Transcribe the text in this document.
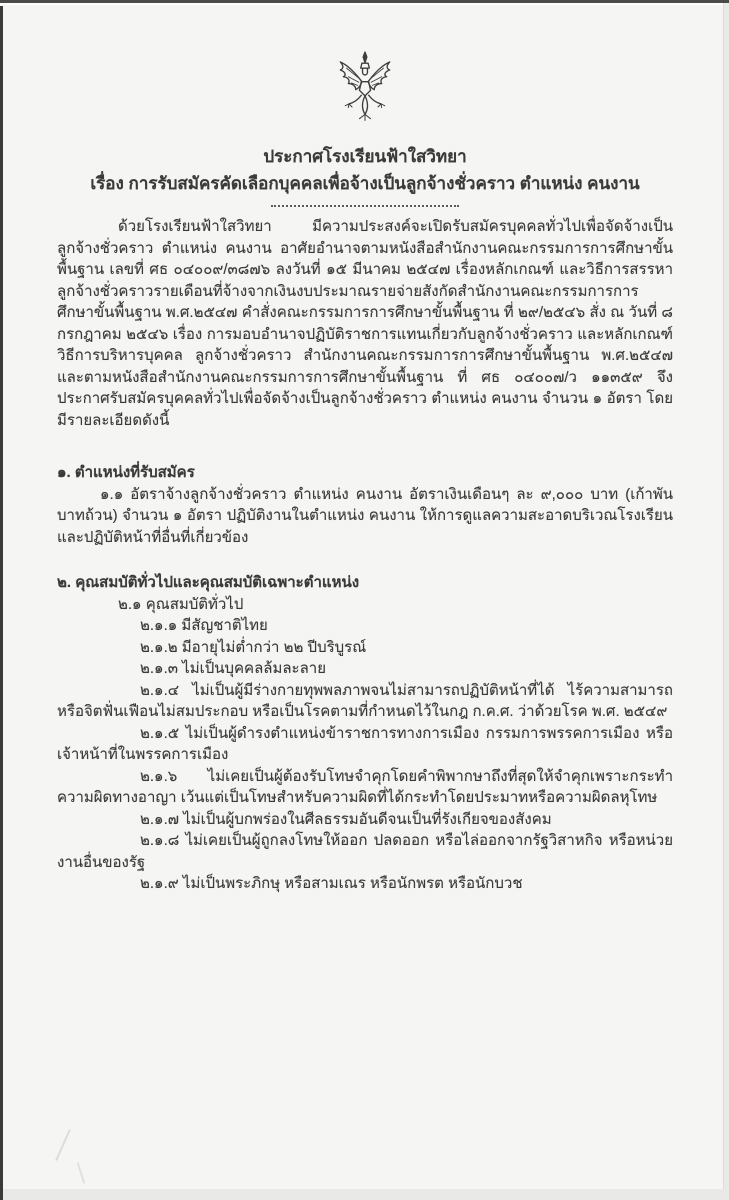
ประกาศโรงเรียนฟ้าใสวิทยา
เรื่อง การรับสมัครคัดเลือกบุคคลเพื่อจ้างเป็นลูกจ้างชั่วคราว ตำแหน่ง คนงาน

ด้วยโรงเรียนฟ้าใสวิทยา มีความประสงค์จะเปิดรับสมัครบุคคลทั่วไปเพื่อจัดจ้างเป็นลูกจ้างชั่วคราว ตำแหน่ง คนงาน อาศัยอำนาจตามหนังสือสำนักงานคณะกรรมการการศึกษาขั้นพื้นฐาน เลขที่ ศธ ๐๔๐๐๙/๓๘๗๖ ลงวันที่ ๑๕ มีนาคม ๒๕๔๗ เรื่องหลักเกณฑ์ และวิธีการสรรหาลูกจ้างชั่วคราวรายเดือนที่จ้างจากเงินงบประมาณรายจ่ายสังกัดสำนักงานคณะกรรมการการศึกษาขั้นพื้นฐาน พ.ศ.๒๕๔๗ คำสั่งคณะกรรมการการศึกษาขั้นพื้นฐาน ที่ ๒๙/๒๕๔๖ สั่ง ณ วันที่ ๘ กรกฎาคม ๒๕๔๖ เรื่อง การมอบอำนาจปฏิบัติราชการแทนเกี่ยวกับลูกจ้างชั่วคราว และหลักเกณฑ์วิธีการบริหารบุคคล ลูกจ้างชั่วคราว สำนักงานคณะกรรมการการศึกษาขั้นพื้นฐาน พ.ศ.๒๕๔๗ และตามหนังสือสำนักงานคณะกรรมการการศึกษาขั้นพื้นฐาน ที่ ศธ ๐๔๐๐๗/ว ๑๑๓๕๙ จึงประกาศรับสมัครบุคคลทั่วไปเพื่อจัดจ้างเป็นลูกจ้างชั่วคราว ตำแหน่ง คนงาน จำนวน ๑ อัตรา โดยมีรายละเอียดดังนี้

๑. ตำแหน่งที่รับสมัคร

๑.๑ อัตราจ้างลูกจ้างชั่วคราว ตำแหน่ง คนงาน อัตราเงินเดือนๆ ละ ๙,๐๐๐ บาท (เก้าพันบาทถ้วน) จำนวน ๑ อัตรา ปฏิบัติงานในตำแหน่ง คนงาน ให้การดูแลความสะอาดบริเวณโรงเรียนและปฏิบัติหน้าที่อื่นที่เกี่ยวข้อง

๒. คุณสมบัติทั่วไปและคุณสมบัติเฉพาะตำแหน่ง

๒.๑ คุณสมบัติทั่วไป

๒.๑.๑ มีสัญชาติไทย

๒.๑.๒ มีอายุไม่ต่ำกว่า ๒๒ ปีบริบูรณ์

๒.๑.๓ ไม่เป็นบุคคลล้มละลาย

๒.๑.๔ ไม่เป็นผู้มีร่างกายทุพพลภาพจนไม่สามารถปฏิบัติหน้าที่ได้ ไร้ความสามารถ หรือจิตฟั่นเฟือนไม่สมประกอบ หรือเป็นโรคตามที่กำหนดไว้ในกฎ ก.ค.ศ. ว่าด้วยโรค พ.ศ. ๒๕๔๙

๒.๑.๕ ไม่เป็นผู้ดำรงตำแหน่งข้าราชการทางการเมือง กรรมการพรรคการเมือง หรือเจ้าหน้าที่ในพรรคการเมือง

๒.๑.๖ ไม่เคยเป็นผู้ต้องรับโทษจำคุกโดยคำพิพากษาถึงที่สุดให้จำคุกเพราะกระทำความผิดทางอาญา เว้นแต่เป็นโทษสำหรับความผิดที่ได้กระทำโดยประมาทหรือความผิดลหุโทษ

๒.๑.๗ ไม่เป็นผู้บกพร่องในศีลธรรมอันดีจนเป็นที่รังเกียจของสังคม

๒.๑.๘ ไม่เคยเป็นผู้ถูกลงโทษให้ออก ปลดออก หรือไล่ออกจากรัฐวิสาหกิจ หรือหน่วยงานอื่นของรัฐ

๒.๑.๙ ไม่เป็นพระภิกษุ หรือสามเณร หรือนักพรต หรือนักบวช
